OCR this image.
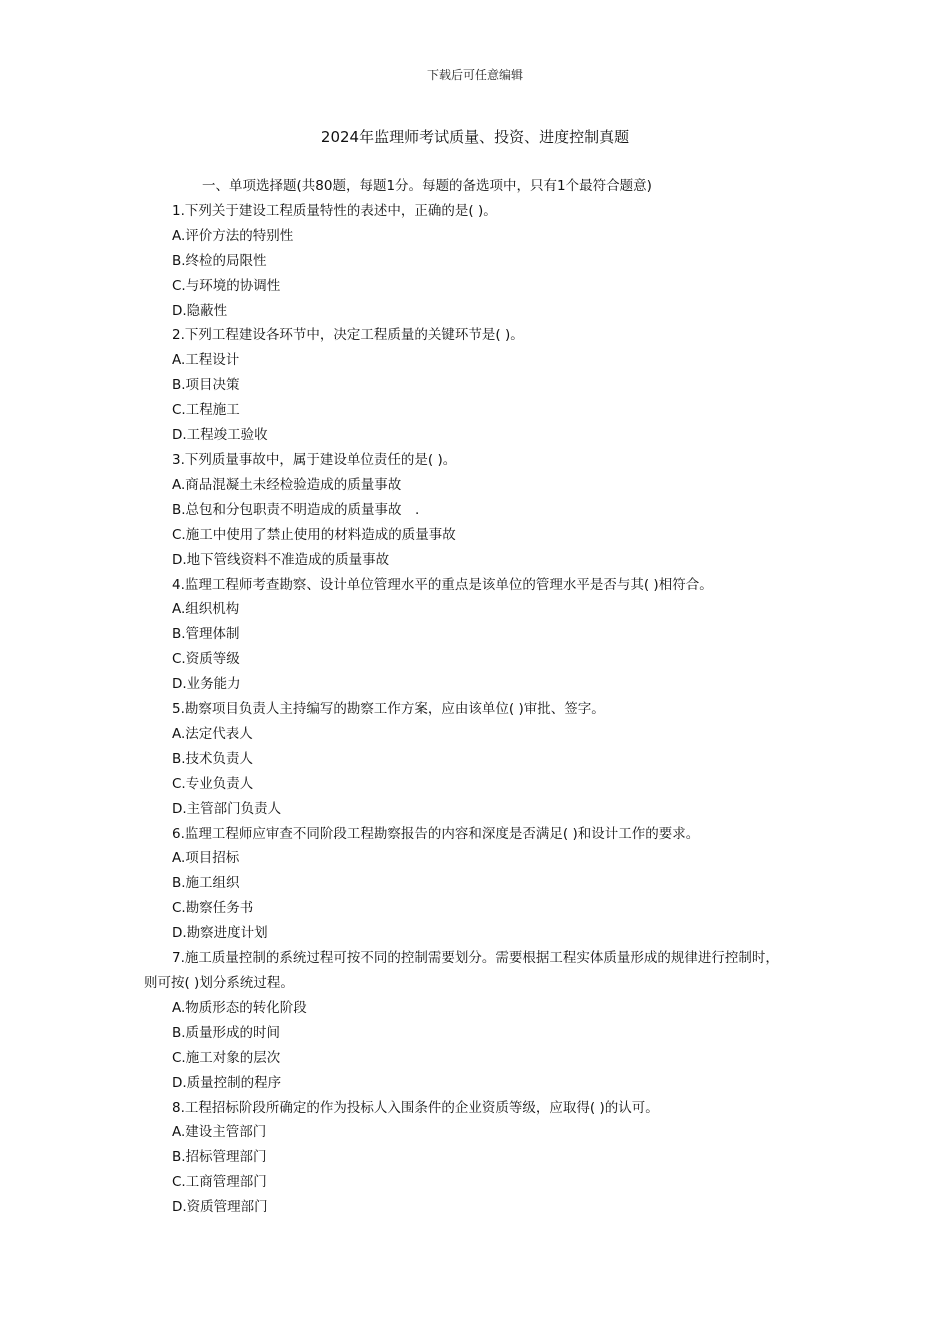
下载后可任意编辑
2024年监理师考试质量、投资、进度控制真题
一、单项选择题(共80题，每题1分。每题的备选项中，只有1个最符合题意)
1.下列关于建设工程质量特性的表述中，正确的是( )。
A.评价方法的特别性
B.终检的局限性
C.与环境的协调性
D.隐蔽性
2.下列工程建设各环节中，决定工程质量的关键环节是( )。
A.工程设计
B.项目决策
C.工程施工
D.工程竣工验收
3.下列质量事故中，属于建设单位责任的是( )。
A.商品混凝土未经检验造成的质量事故
B.总包和分包职责不明造成的质量事故　.
C.施工中使用了禁止使用的材料造成的质量事故
D.地下管线资料不准造成的质量事故
4.监理工程师考查勘察、设计单位管理水平的重点是该单位的管理水平是否与其( )相符合。
A.组织机构
B.管理体制
C.资质等级
D.业务能力
5.勘察项目负责人主持编写的勘察工作方案，应由该单位( )审批、签字。
A.法定代表人
B.技术负责人
C.专业负责人
D.主管部门负责人
6.监理工程师应审查不同阶段工程勘察报告的内容和深度是否满足( )和设计工作的要求。
A.项目招标
B.施工组织
C.勘察任务书
D.勘察进度计划
7.施工质量控制的系统过程可按不同的控制需要划分。需要根据工程实体质量形成的规律进行控制时，
则可按( )划分系统过程。
A.物质形态的转化阶段
B.质量形成的时间
C.施工对象的层次
D.质量控制的程序
8.工程招标阶段所确定的作为投标人入围条件的企业资质等级，应取得( )的认可。
A.建设主管部门
B.招标管理部门
C.工商管理部门
D.资质管理部门
